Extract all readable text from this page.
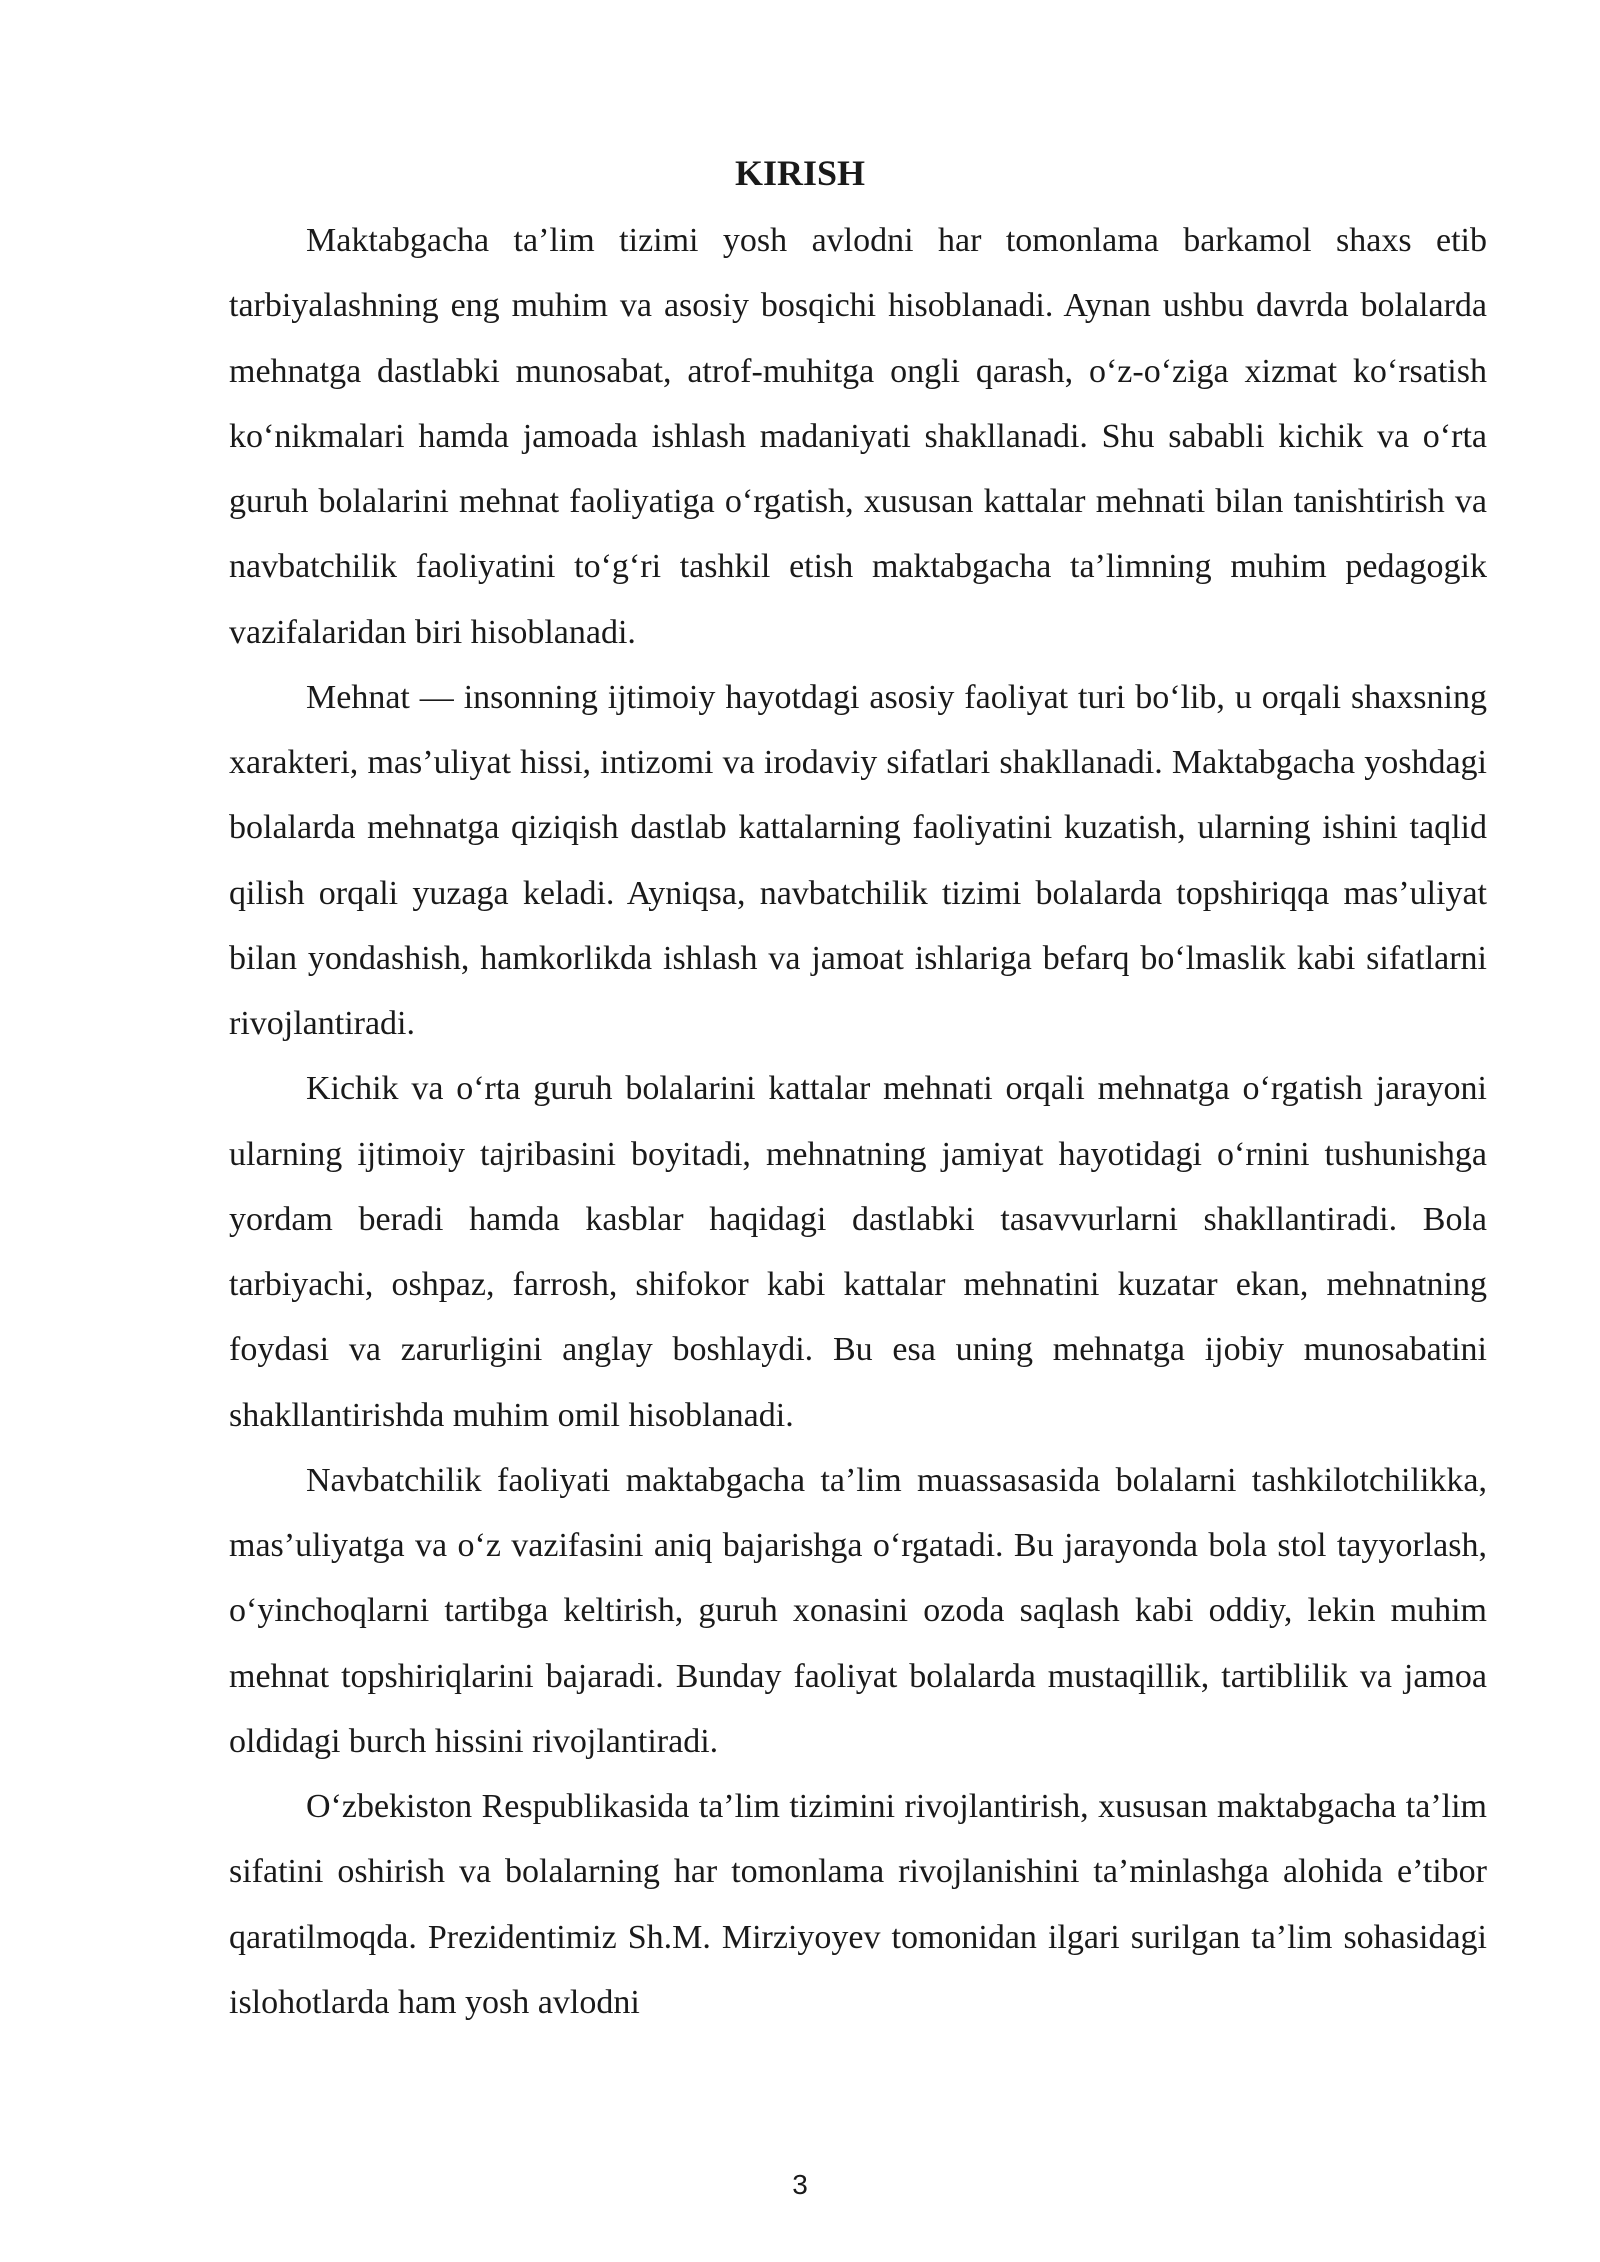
KIRISH

Maktabgacha ta’lim tizimi yosh avlodni har tomonlama barkamol shaxs etib tarbiyalashning eng muhim va asosiy bosqichi hisoblanadi. Aynan ushbu davrda bolalarda mehnatga dastlabki munosabat, atrof-muhitga ongli qarash, o‘z-o‘ziga xizmat ko‘rsatish ko‘nikmalari hamda jamoada ishlash madaniyati shakllanadi. Shu sababli kichik va o‘rta guruh bolalarini mehnat faoliyatiga o‘rgatish, xususan kattalar mehnati bilan tanishtirish va navbatchilik faoliyatini to‘g‘ri tashkil etish maktabgacha ta’limning muhim pedagogik vazifalaridan biri hisoblanadi.

Mehnat — insonning ijtimoiy hayotdagi asosiy faoliyat turi bo‘lib, u orqali shaxsning xarakteri, mas’uliyat hissi, intizomi va irodaviy sifatlari shakllanadi. Maktabgacha yoshdagi bolalarda mehnatga qiziqish dastlab kattalarning faoliyatini kuzatish, ularning ishini taqlid qilish orqali yuzaga keladi. Ayniqsa, navbatchilik tizimi bolalarda topshiriqqa mas’uliyat bilan yondashish, hamkorlikda ishlash va jamoat ishlariga befarq bo‘lmaslik kabi sifatlarni rivojlantiradi.

Kichik va o‘rta guruh bolalarini kattalar mehnati orqali mehnatga o‘rgatish jarayoni ularning ijtimoiy tajribasini boyitadi, mehnatning jamiyat hayotidagi o‘rnini tushunishga yordam beradi hamda kasblar haqidagi dastlabki tasavvurlarni shakllantiradi. Bola tarbiyachi, oshpaz, farrosh, shifokor kabi kattalar mehnatini kuzatar ekan, mehnatning foydasi va zarurligini anglay boshlaydi. Bu esa uning mehnatga ijobiy munosabatini shakllantirishda muhim omil hisoblanadi.

Navbatchilik faoliyati maktabgacha ta’lim muassasasida bolalarni tashkilotchilikka, mas’uliyatga va o‘z vazifasini aniq bajarishga o‘rgatadi. Bu jarayonda bola stol tayyorlash, o‘yinchoqlarni tartibga keltirish, guruh xonasini ozoda saqlash kabi oddiy, lekin muhim mehnat topshiriqlarini bajaradi. Bunday faoliyat bolalarda mustaqillik, tartiblilik va jamoa oldidagi burch hissini rivojlantiradi.

O‘zbekiston Respublikasida ta’lim tizimini rivojlantirish, xususan maktabgacha ta’lim sifatini oshirish va bolalarning har tomonlama rivojlanishini ta’minlashga alohida e’tibor qaratilmoqda. Prezidentimiz Sh.M. Mirziyoyev tomonidan ilgari surilgan ta’lim sohasidagi islohotlarda ham yosh avlodni

3
